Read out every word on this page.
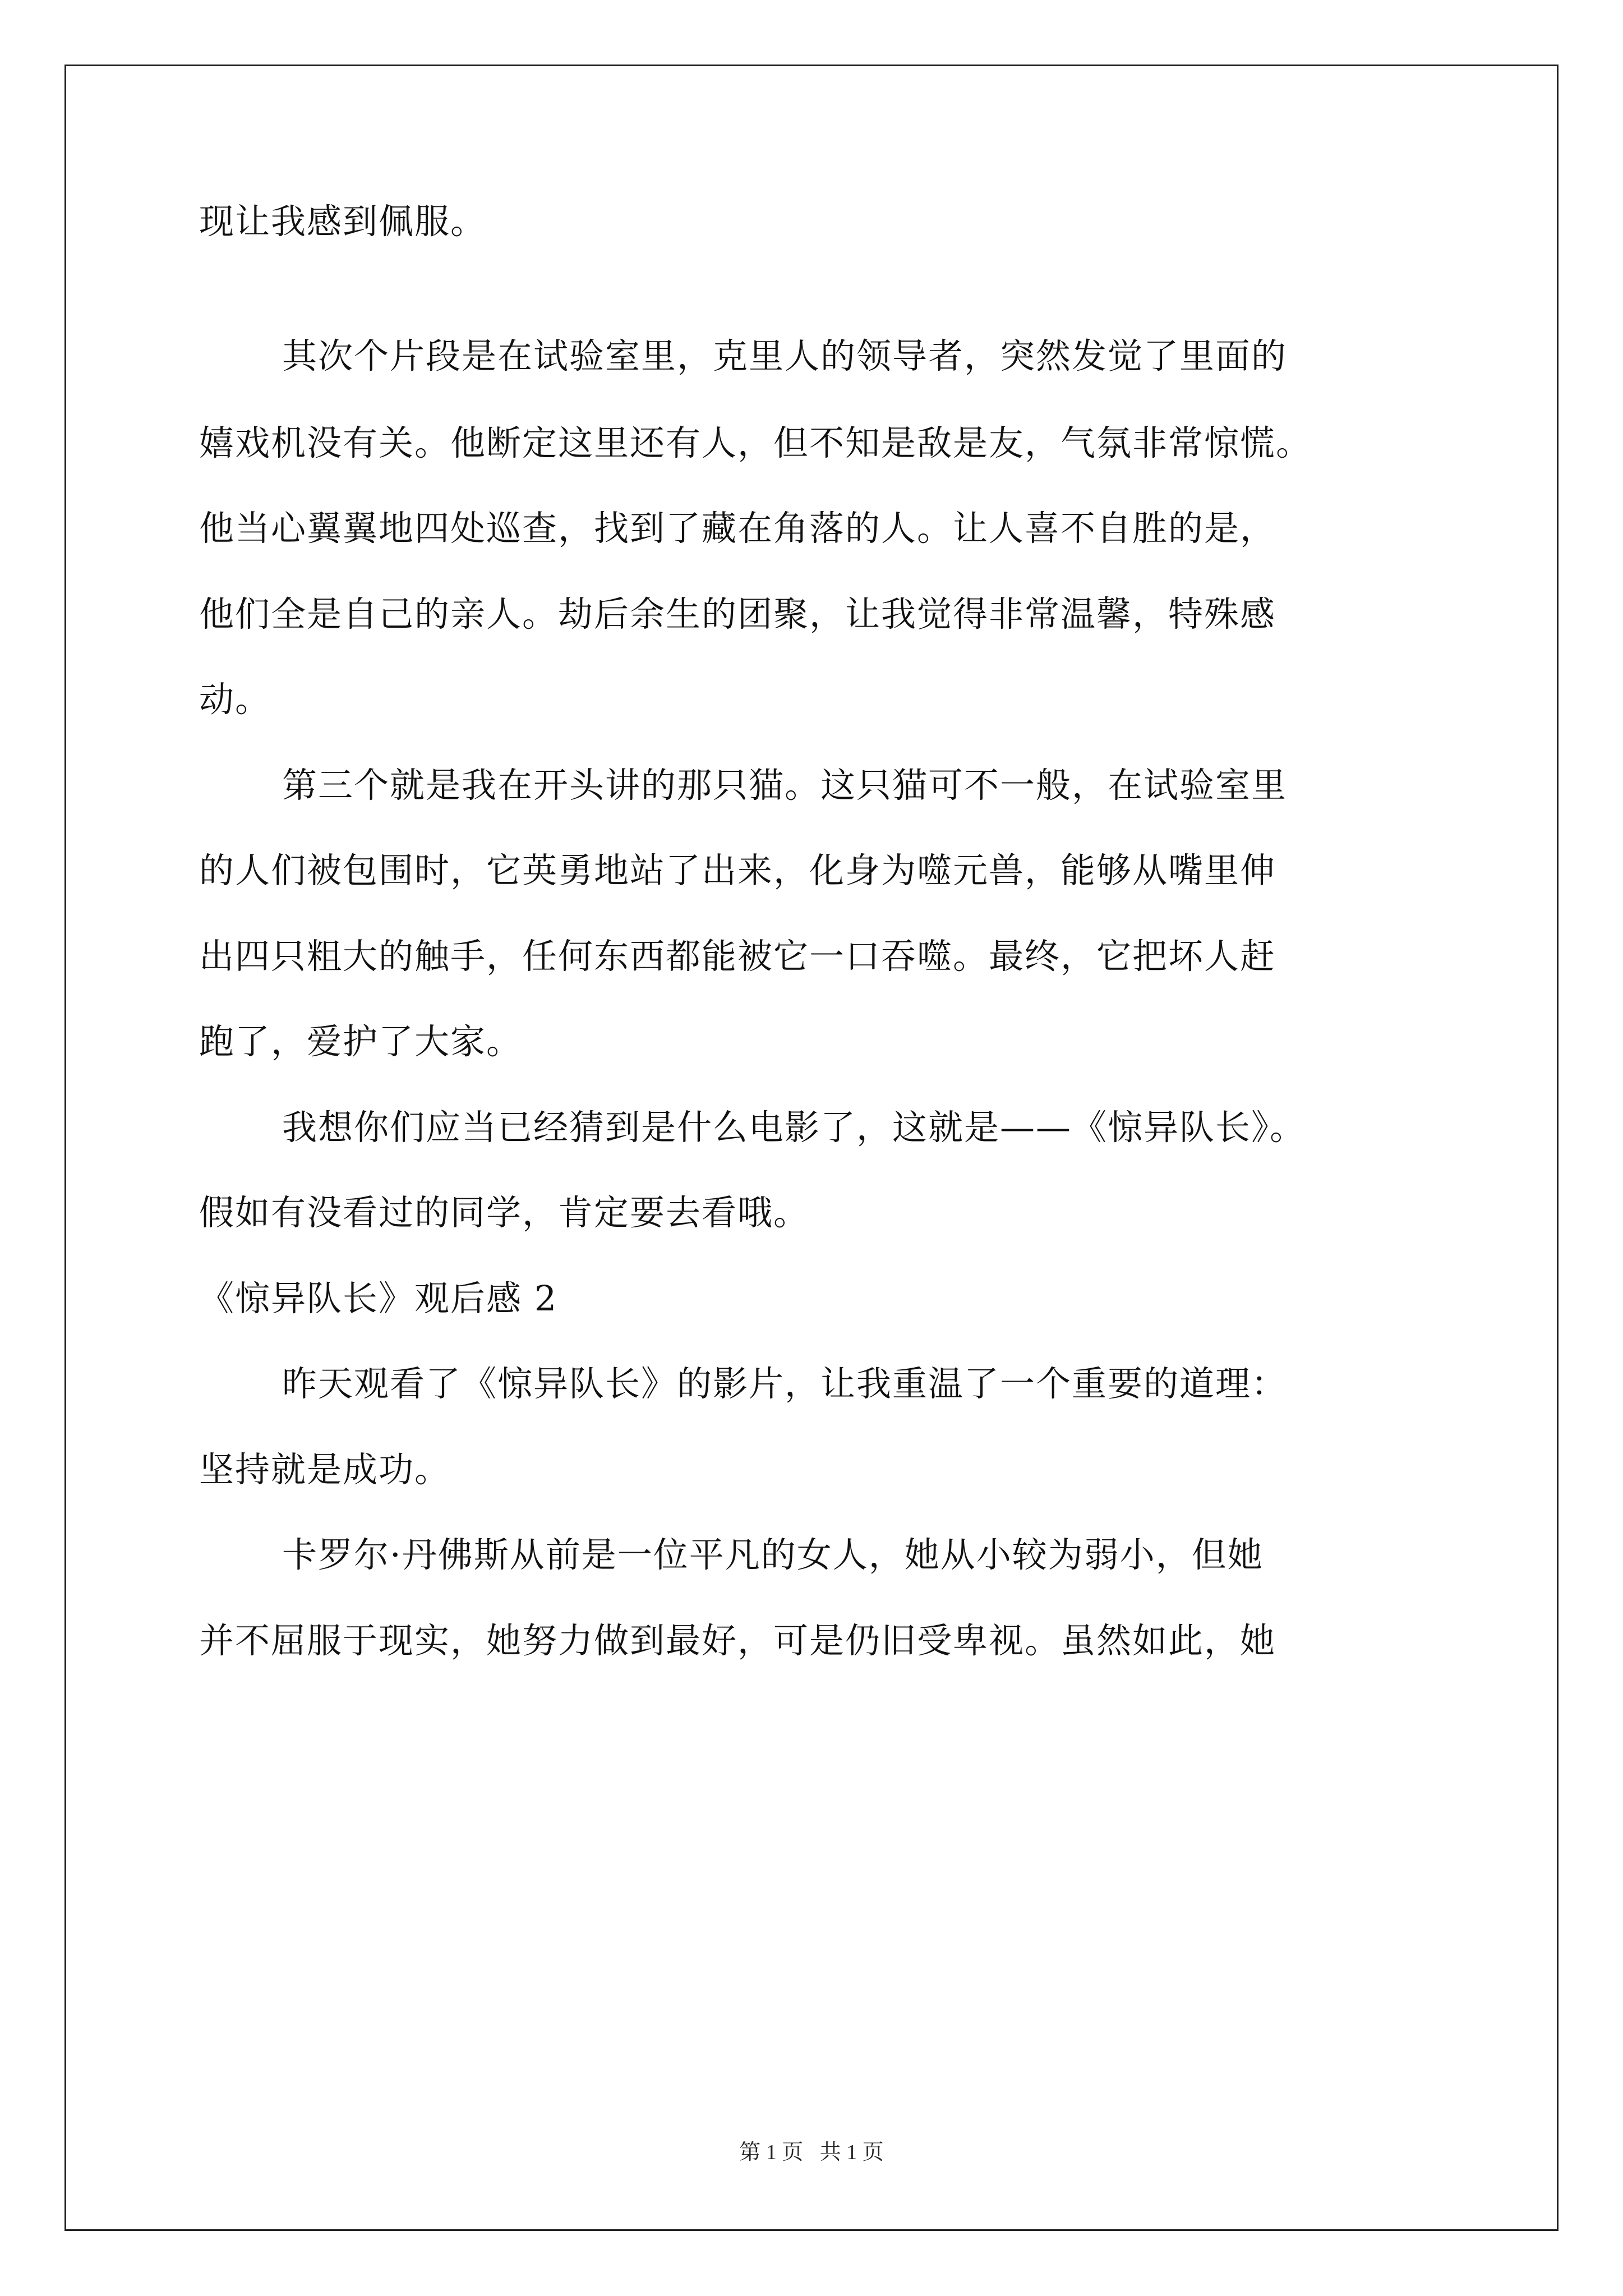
现让我感到佩服。
其次个片段是在试验室里，克里人的领导者，突然发觉了里面的
嬉戏机没有关。他断定这里还有人，但不知是敌是友，气氛非常惊慌。
他当心翼翼地四处巡查，找到了藏在角落的人。让人喜不自胜的是，
他们全是自己的亲人。劫后余生的团聚，让我觉得非常温馨，特殊感
动。
第三个就是我在开头讲的那只猫。这只猫可不一般，在试验室里
的人们被包围时，它英勇地站了出来，化身为噬元兽，能够从嘴里伸
出四只粗大的触手，任何东西都能被它一口吞噬。最终，它把坏人赶
跑了，爱护了大家。
我想你们应当已经猜到是什么电影了，这就是——《惊异队长》。
假如有没看过的同学，肯定要去看哦。
《惊异队长》观后感 2
昨天观看了《惊异队长》的影片，让我重温了一个重要的道理：
坚持就是成功。
卡罗尔·丹佛斯从前是一位平凡的女人，她从小较为弱小，但她
并不屈服于现实，她努力做到最好，可是仍旧受卑视。虽然如此，她
第 1 页 共 1 页
